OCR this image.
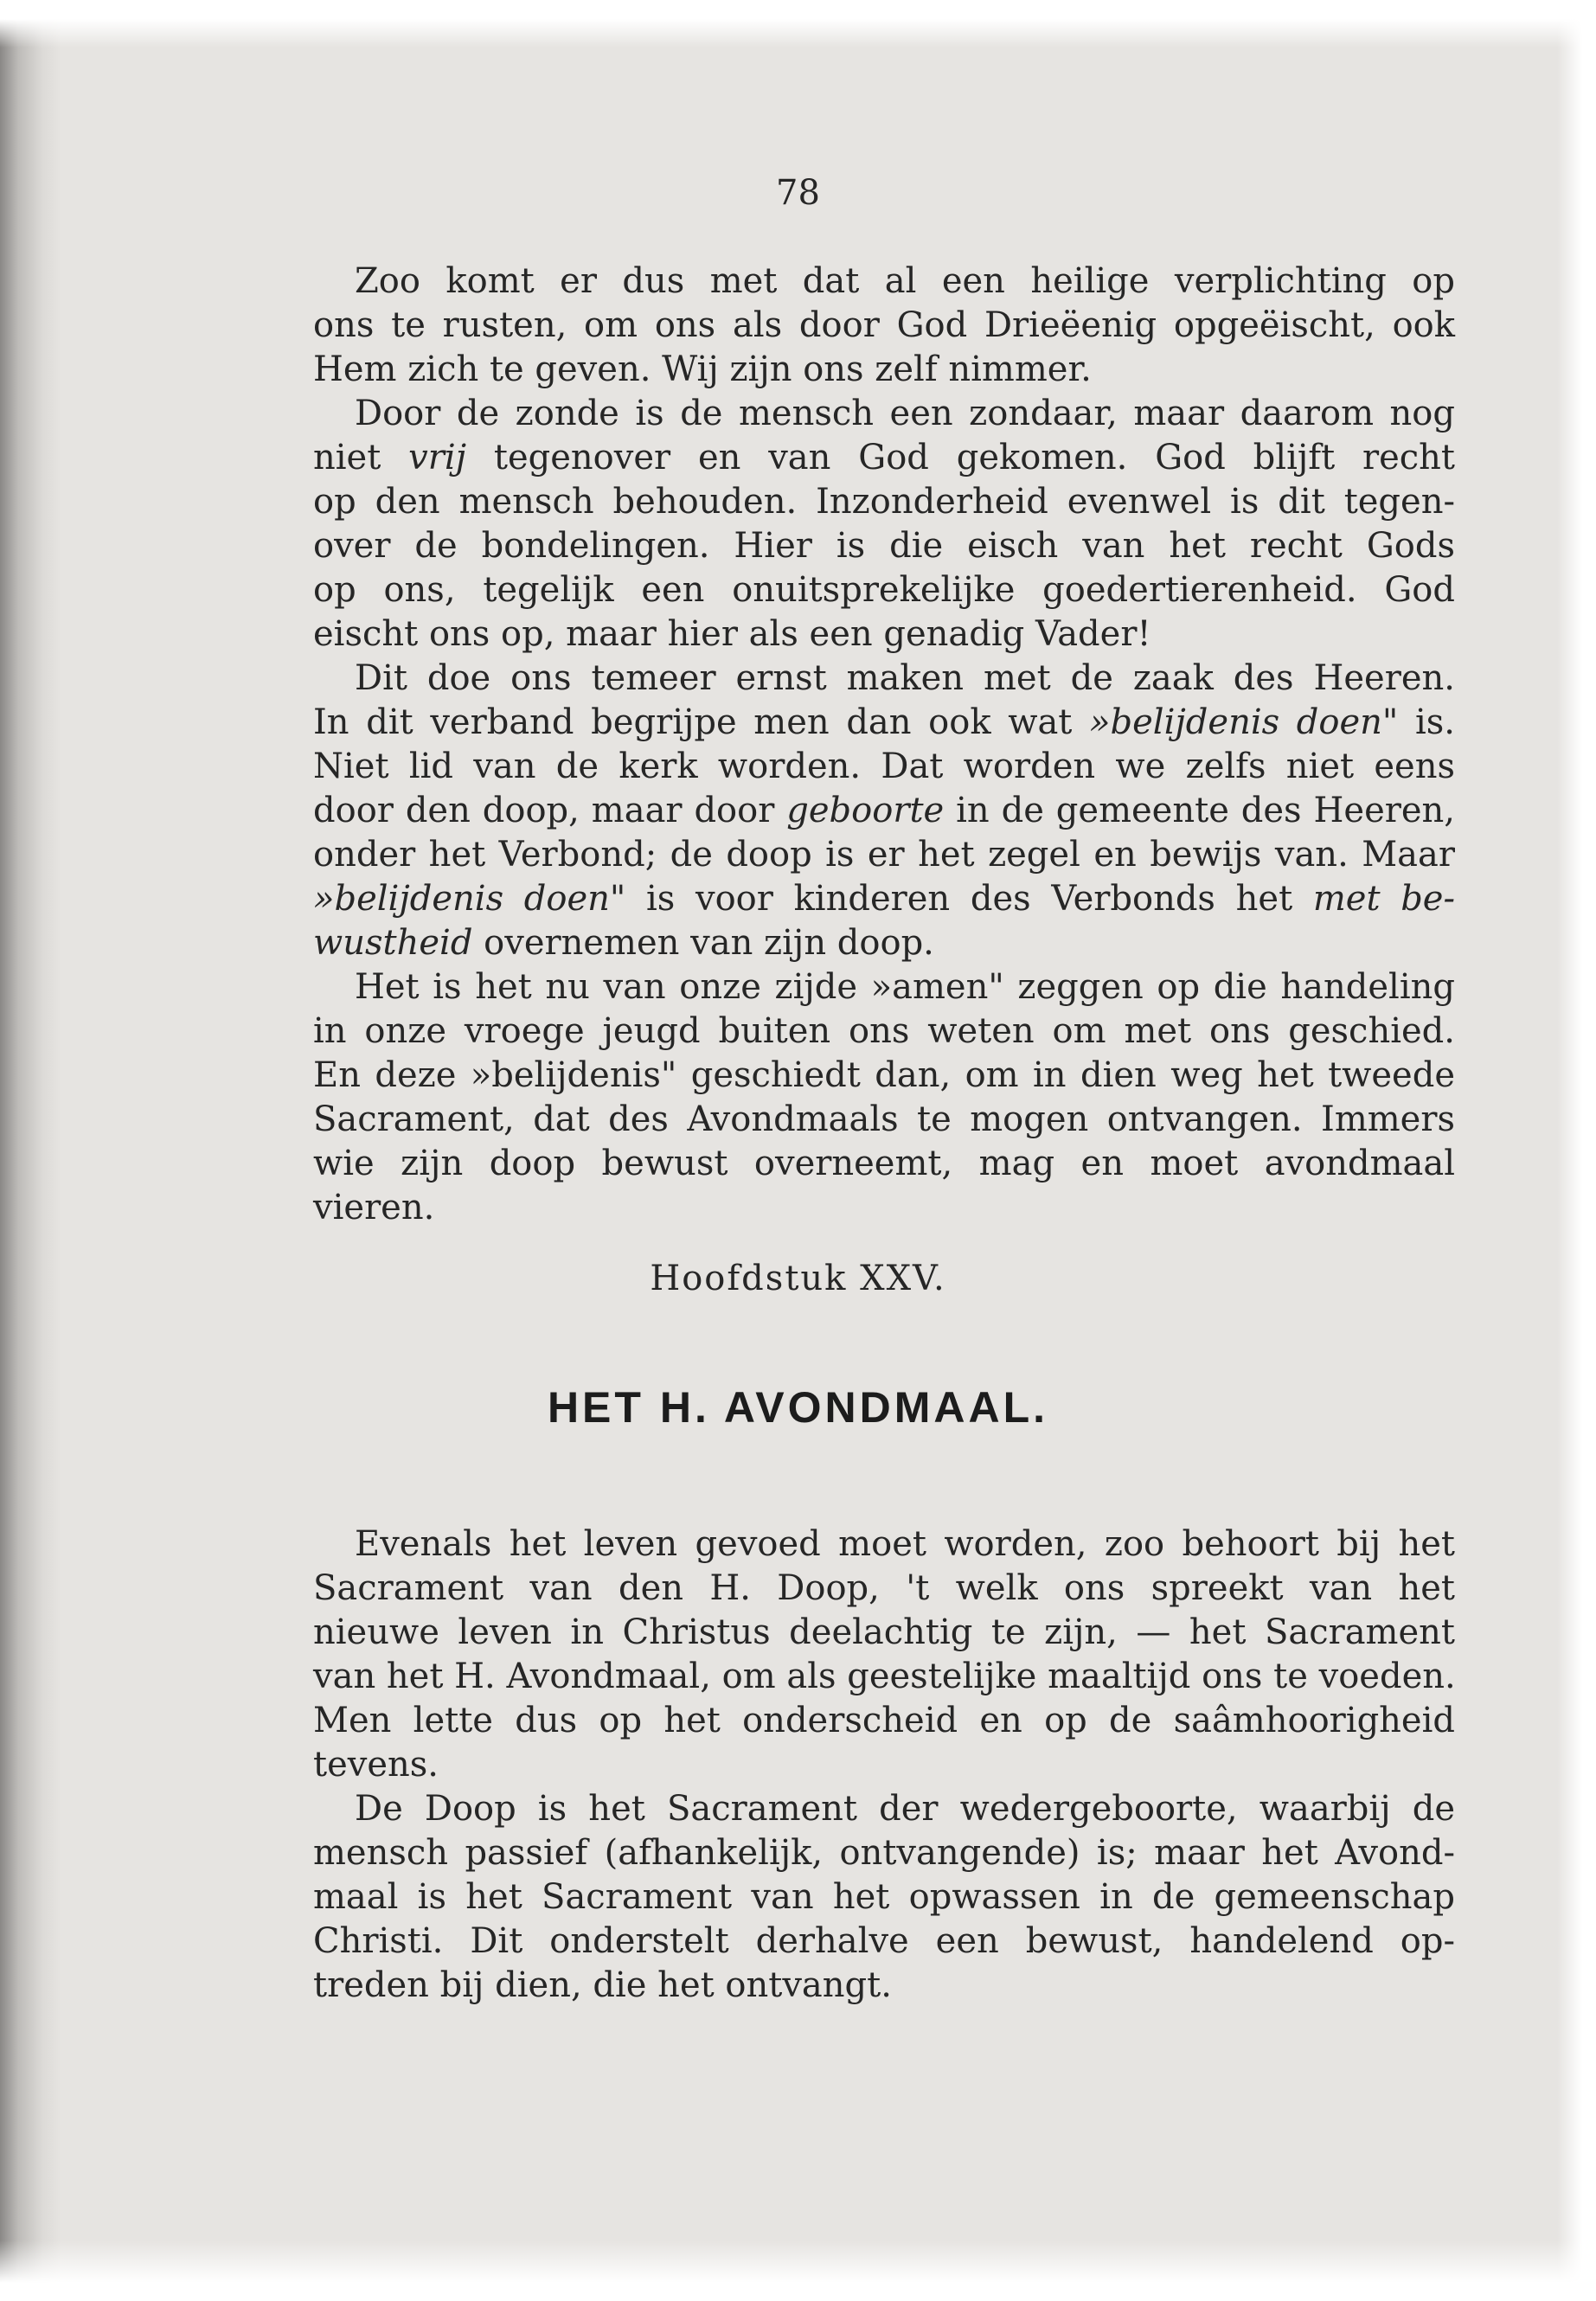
78

Zoo komt er dus met dat al een heilige verplichting op
ons te rusten, om ons als door God Drieëenig opgeëischt, ook
Hem zich te geven. Wij zijn ons zelf nimmer.

Door de zonde is de mensch een zondaar, maar daarom nog
niet vrij tegenover en van God gekomen. God blijft recht
op den mensch behouden. Inzonderheid evenwel is dit tegen-
over de bondelingen. Hier is die eisch van het recht Gods
op ons, tegelijk een onuitsprekelijke goedertierenheid. God
eischt ons op, maar hier als een genadig Vader!

Dit doe ons temeer ernst maken met de zaak des Heeren.
In dit verband begrijpe men dan ook wat »belijdenis doen" is.
Niet lid van de kerk worden. Dat worden we zelfs niet eens
door den doop, maar door geboorte in de gemeente des Heeren,
onder het Verbond; de doop is er het zegel en bewijs van. Maar
»belijdenis doen" is voor kinderen des Verbonds het met be-
wustheid overnemen van zijn doop.

Het is het nu van onze zijde »amen" zeggen op die handeling
in onze vroege jeugd buiten ons weten om met ons geschied.
En deze »belijdenis" geschiedt dan, om in dien weg het tweede
Sacrament, dat des Avondmaals te mogen ontvangen. Immers
wie zijn doop bewust overneemt, mag en moet avondmaal
vieren.

Hoofdstuk XXV.
HET H. AVONDMAAL.

Evenals het leven gevoed moet worden, zoo behoort bij het
Sacrament van den H. Doop, 't welk ons spreekt van het
nieuwe leven in Christus deelachtig te zijn, — het Sacrament
van het H. Avondmaal, om als geestelijke maaltijd ons te voeden.
Men lette dus op het onderscheid en op de saâmhoorigheid
tevens.

De Doop is het Sacrament der wedergeboorte, waarbij de
mensch passief (afhankelijk, ontvangende) is; maar het Avond-
maal is het Sacrament van het opwassen in de gemeenschap
Christi. Dit onderstelt derhalve een bewust, handelend op-
treden bij dien, die het ontvangt.
